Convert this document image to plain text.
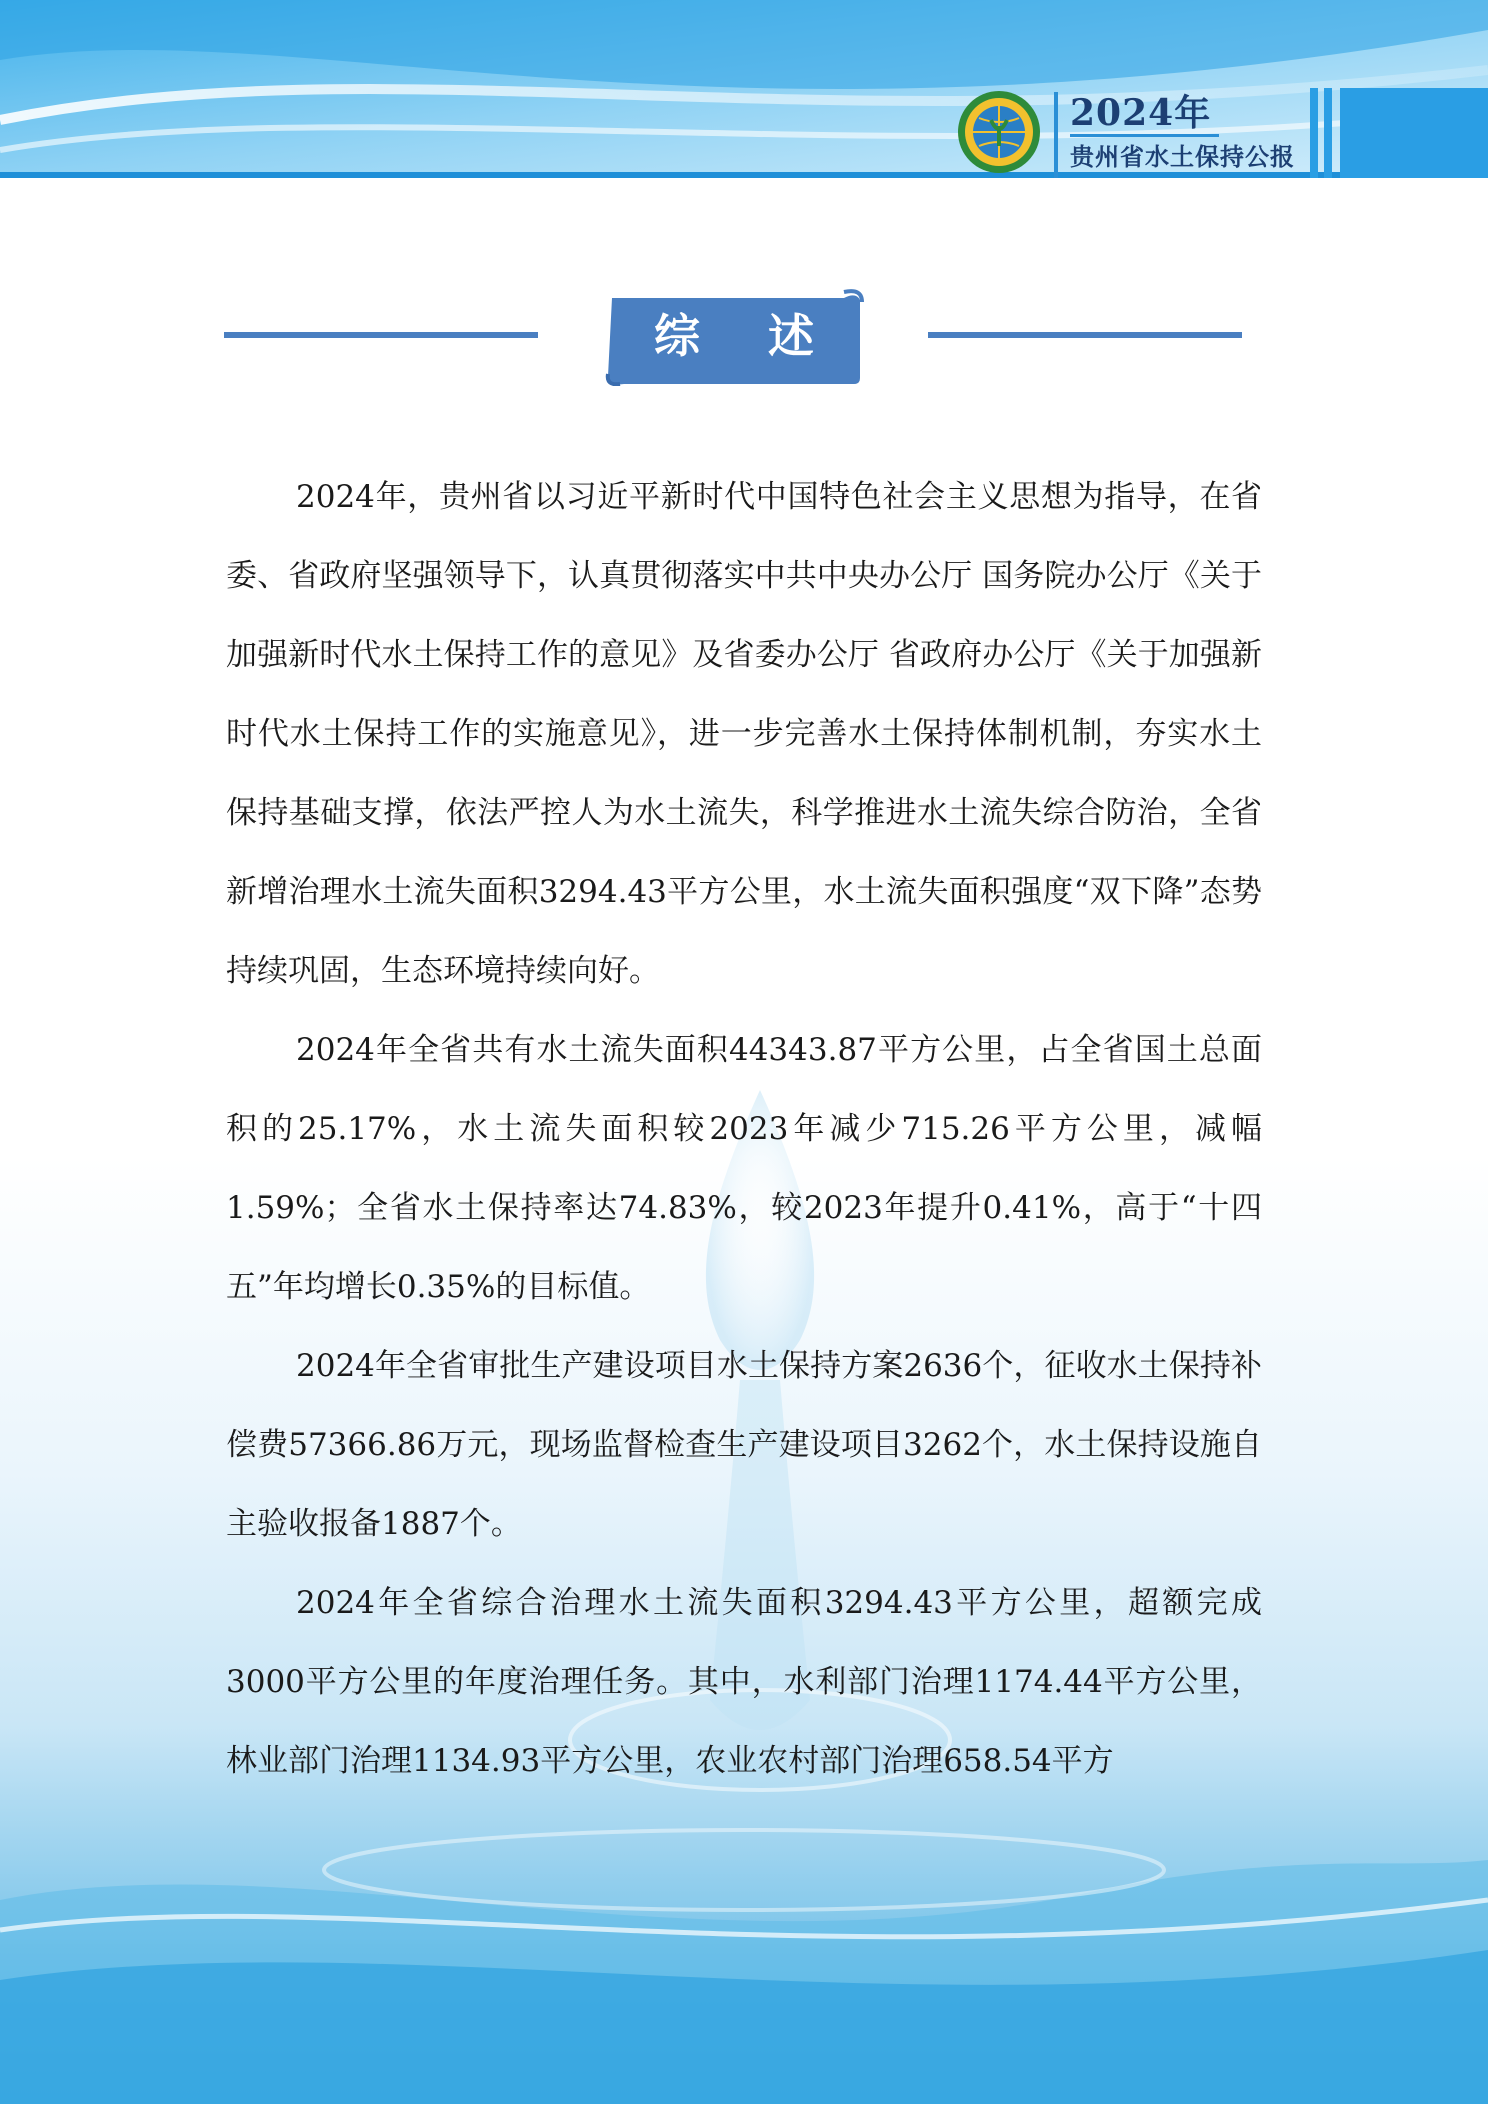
2024年
贵州省水土保持公报
综 述

2024年，贵州省以习近平新时代中国特色社会主义思想为指导，在省委、省政府坚强领导下，认真贯彻落实中共中央办公厅 国务院办公厅《关于加强新时代水土保持工作的意见》及省委办公厅 省政府办公厅《关于加强新时代水土保持工作的实施意见》，进一步完善水土保持体制机制，夯实水土保持基础支撑，依法严控人为水土流失，科学推进水土流失综合防治，全省新增治理水土流失面积3294.43平方公里，水土流失面积强度“双下降”态势持续巩固，生态环境持续向好。

2024年全省共有水土流失面积44343.87平方公里，占全省国土总面积的25.17%，水土流失面积较2023年减少715.26平方公里，减幅1.59%；全省水土保持率达74.83%，较2023年提升0.41%，高于“十四五”年均增长0.35%的目标值。

2024年全省审批生产建设项目水土保持方案2636个，征收水土保持补偿费57366.86万元，现场监督检查生产建设项目3262个，水土保持设施自主验收报备1887个。

2024年全省综合治理水土流失面积3294.43平方公里，超额完成3000平方公里的年度治理任务。其中，水利部门治理1174.44平方公里，林业部门治理1134.93平方公里，农业农村部门治理658.54平方
